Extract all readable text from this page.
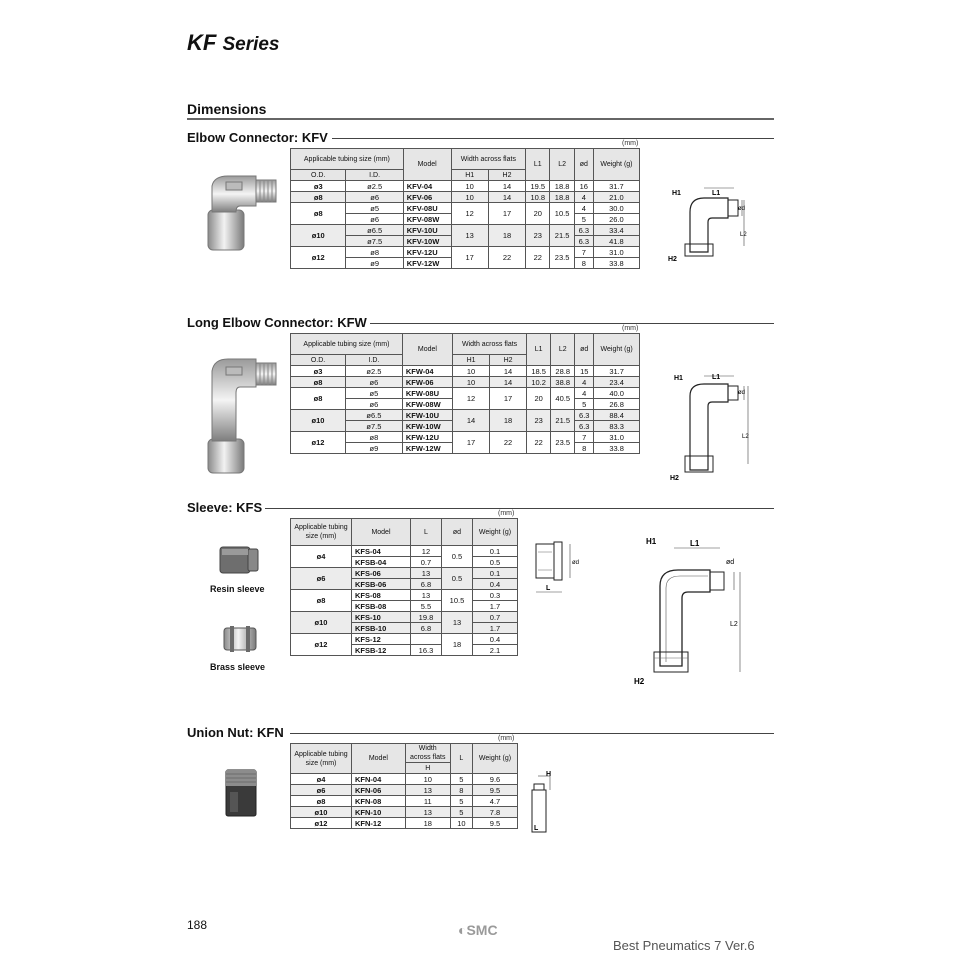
KF Series
Dimensions
Elbow Connector: KFV	(mm)
Applicable tubing size (mm)		Model	Width across flats		L1	L2	ød	Weight (g)
O.D.	I.D.		H1	H2				
ø3	ø2.5	KFV-04	10	14	19.5	18.8	16	31.7
ø8	ø6	KFV-06	10	14	10.8	18.8	4	21.0
ø8	ø5	KFV-08U	12	17	20	10.5	4	30.0
	ø6	KFV-08W					5	26.0
ø10	ø6.5	KFV-10U	13	18	23	21.5	6.3	33.4
	ø7.5	KFV-10W					6.3	41.8
ø12	ø8	KFV-12U	17	22	22	23.5	7	31.0
	ø9	KFV-12W					8	33.8
H1	L1
ød
L2
H2
Long Elbow Connector: KFW	(mm)
Applicable tubing size (mm)		Model	Width across flats		L1	L2	ød	Weight (g)
O.D.	I.D.		H1	H2				
ø3	ø2.5	KFW-04	10	14	18.5	28.8	15	31.7
ø8	ø6	KFW-06	10	14	10.2	38.8	4	23.4
ø8	ø5	KFW-08U	12	17	20	40.5	4	40.0
	ø6	KFW-08W					5	26.8
ø10	ø6.5	KFW-10U	14	18	23	21.5	6.3	88.4
	ø7.5	KFW-10W					6.3	83.3
ø12	ø8	KFW-12U	17	22	22	23.5	7	31.0
	ø9	KFW-12W					8	33.8
H1	L1
ød
L2
H2
Sleeve: KFS	(mm)
Resin sleeve
Brass sleeve
Applicable tubing size (mm)	Model	L	ød	Weight (g)
ø4	KFS-04	12	0.5	0.1
	KFSB-04	0.7		0.5
ø6	KFS-06	13	0.5	0.1
	KFSB-06	6.8		0.4
ø8	KFS-08	13	10.5	0.3
	KFSB-08	5.5		1.7
ø10	KFS-10	19.8	13	0.7
	KFSB-10	6.8		1.7
ø12	KFS-12		18	0.4
	KFSB-12	16.3		2.1
ød
L
H1	L1
ød
L2
H2
Union Nut: KFN	(mm)
Applicable tubing size (mm)	Model	Width across flats	L	Weight (g)
		H		
ø4	KFN-04	10	5	9.6
ø6	KFN-06	13	8	9.5
ø8	KFN-08	11	5	4.7
ø10	KFN-10	13	5	7.8
ø12	KFN-12	18	10	9.5
H
L
188	◐SMC
Best Pneumatics 7 Ver.6
